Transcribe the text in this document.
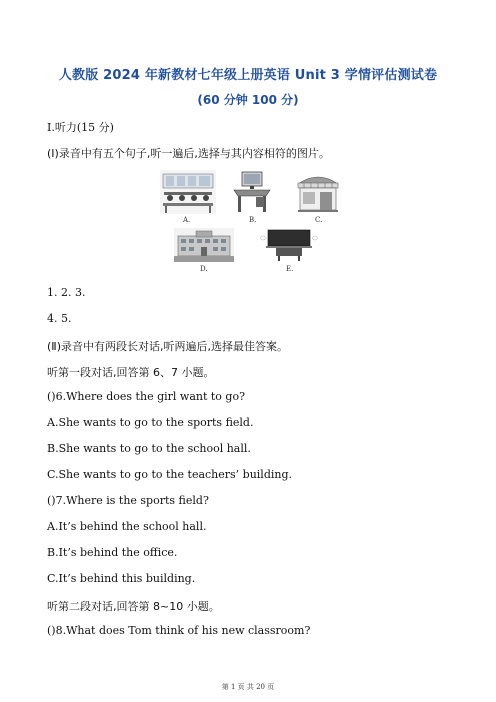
人教版 2024 年新教材七年级上册英语 Unit 3 学情评估测试卷
(60 分钟 100 分)
Ⅰ.听力(15 分)
(Ⅰ)录音中有五个句子,听一遍后,选择与其内容相符的图片。
A.	B.	C.
D.	E.
1. 2. 3.
4. 5.
(Ⅱ)录音中有两段长对话,听两遍后,选择最佳答案。
听第一段对话,回答第 6、7 小题。
()6.Where does the girl want to go?
A.She wants to go to the sports field.
B.She wants to go to the school hall.
C.She wants to go to the teachers’ building.
()7.Where is the sports field?
A.It’s behind the school hall.
B.It’s behind the office.
C.It’s behind this building.
听第二段对话,回答第 8~10 小题。
()8.What does Tom think of his new classroom?
第 1 页 共 20 页
